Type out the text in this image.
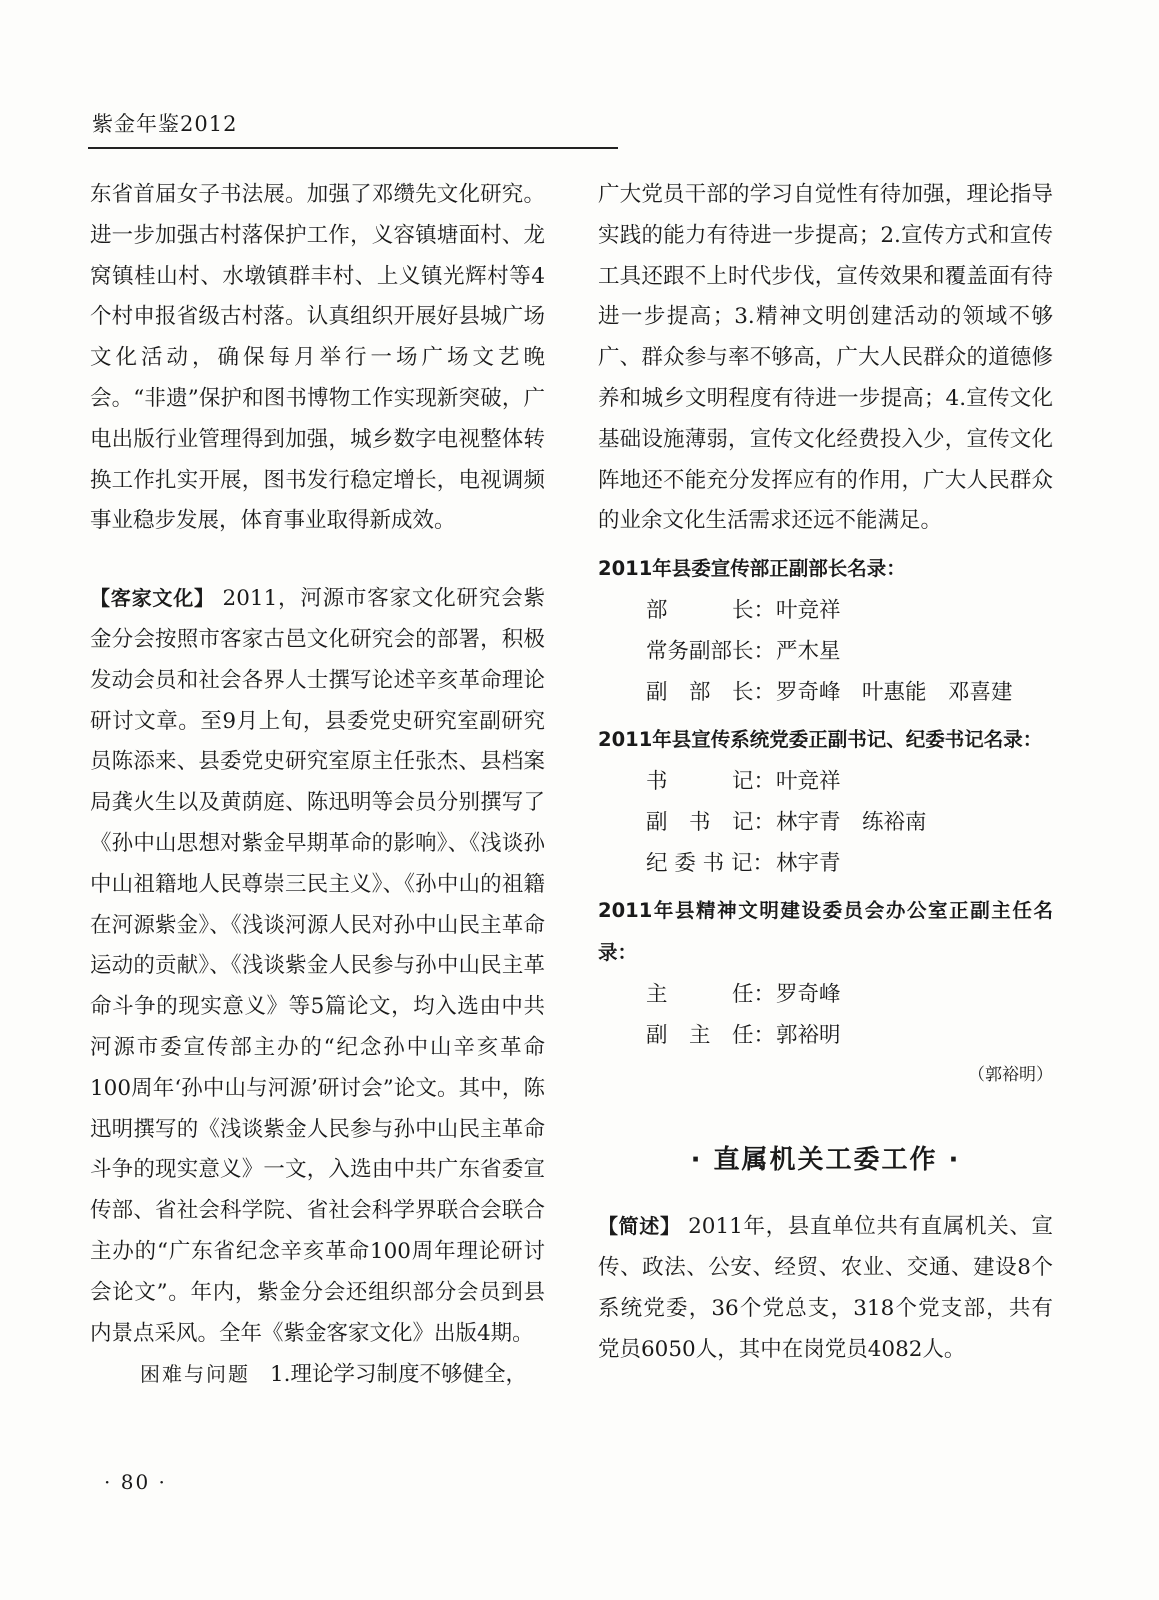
紫金年鉴2012

东省首届女子书法展。加强了邓缵先文化研究。进一步加强古村落保护工作，义容镇塘面村、龙窝镇桂山村、水墩镇群丰村、上义镇光辉村等4个村申报省级古村落。认真组织开展好县城广场文化活动，确保每月举行一场广场文艺晚会。“非遗”保护和图书博物工作实现新突破，广电出版行业管理得到加强，城乡数字电视整体转换工作扎实开展，图书发行稳定增长，电视调频事业稳步发展，体育事业取得新成效。

【客家文化】 2011，河源市客家文化研究会紫金分会按照市客家古邑文化研究会的部署，积极发动会员和社会各界人士撰写论述辛亥革命理论研讨文章。至9月上旬，县委党史研究室副研究员陈添来、县委党史研究室原主任张杰、县档案局龚火生以及黄荫庭、陈迅明等会员分别撰写了《孙中山思想对紫金早期革命的影响》、《浅谈孙中山祖籍地人民尊崇三民主义》、《孙中山的祖籍在河源紫金》、《浅谈河源人民对孙中山民主革命运动的贡献》、《浅谈紫金人民参与孙中山民主革命斗争的现实意义》等5篇论文，均入选由中共河源市委宣传部主办的“纪念孙中山辛亥革命100周年‘孙中山与河源’研讨会”论文。其中，陈迅明撰写的《浅谈紫金人民参与孙中山民主革命斗争的现实意义》一文，入选由中共广东省委宣传部、省社会科学院、省社会科学界联合会联合主办的“广东省纪念辛亥革命100周年理论研讨会论文”。年内，紫金分会还组织部分会员到县内景点采风。全年《紫金客家文化》出版4期。

困难与问题 1.理论学习制度不够健全，

广大党员干部的学习自觉性有待加强，理论指导实践的能力有待进一步提高；2.宣传方式和宣传工具还跟不上时代步伐，宣传效果和覆盖面有待进一步提高；3.精神文明创建活动的领域不够广、群众参与率不够高，广大人民群众的道德修养和城乡文明程度有待进一步提高；4.宣传文化基础设施薄弱，宣传文化经费投入少，宣传文化阵地还不能充分发挥应有的作用，广大人民群众的业余文化生活需求还远不能满足。

2011年县委宣传部正副部长名录：
部　　　长： 叶竞祥
常务副部长： 严木星
副　部　长： 罗奇峰　叶惠能　邓喜建
2011年县宣传系统党委正副书记、纪委书记名录：
书　　　记： 叶竞祥
副　书　记： 林宇青　练裕南
纪 委 书 记： 林宇青
2011年县精神文明建设委员会办公室正副主任名录：
主　　　任： 罗奇峰
副　主　任： 郭裕明
（郭裕明）
· 直属机关工委工作 ·

【简述】 2011年，县直单位共有直属机关、宣传、政法、公安、经贸、农业、交通、建设8个系统党委，36个党总支，318个党支部，共有党员6050人，其中在岗党员4082人。

· 80 ·
